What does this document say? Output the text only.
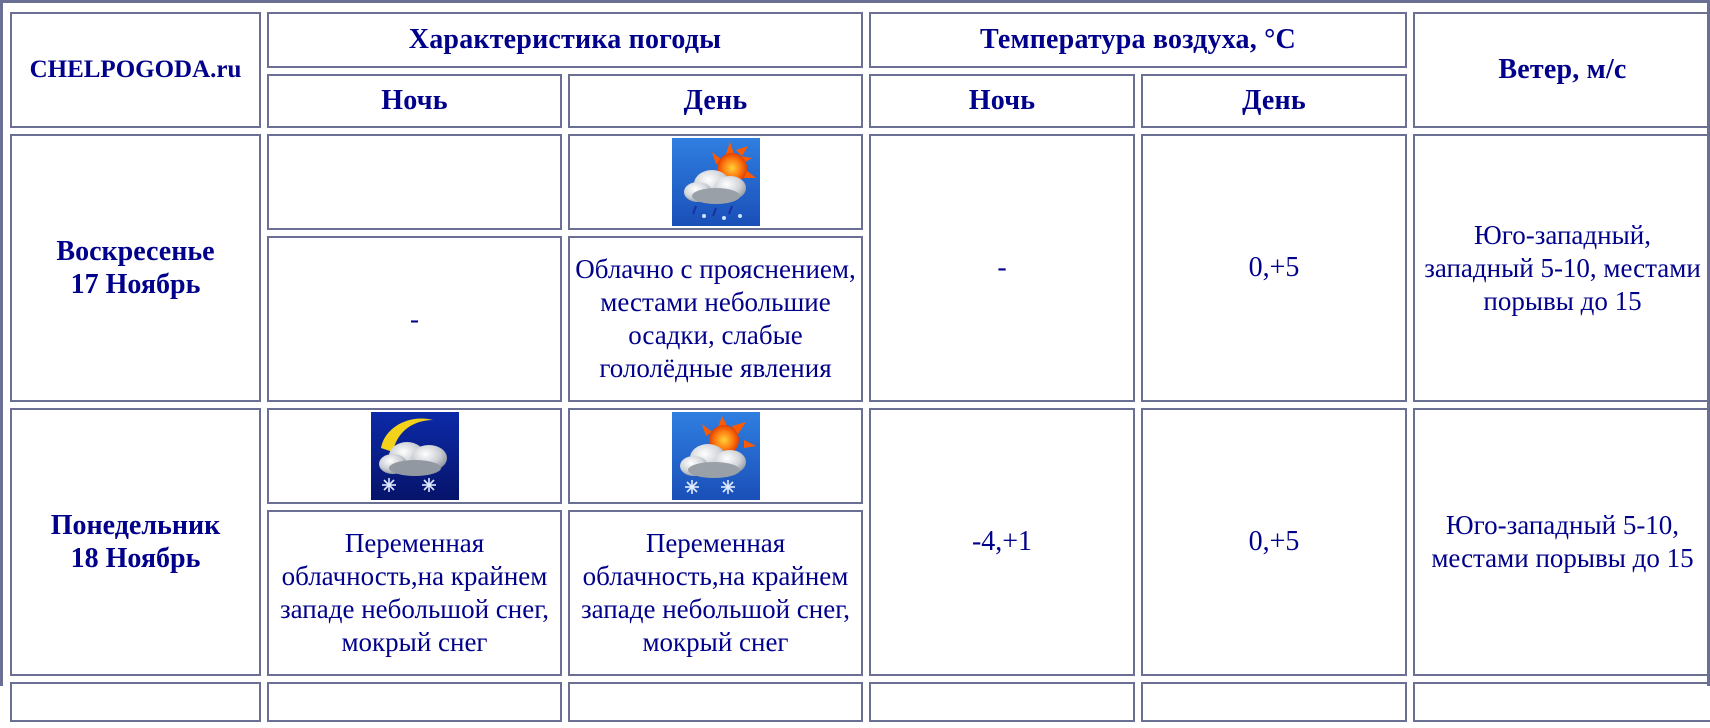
CHELPOGODA.ru	Характеристика погоды		Температура воздуха, °С		Ветер, м/с
	Ночь	День	Ночь	День	
Воскресенье
17 Ноябрь			-	0,+5	Юго-западный, западный 5-10, местами порывы до 15
	-	Облачно с прояснением, местами небольшие осадки, слабые гололёдные явления			
Понедельник
18 Ноябрь			-4,+1	0,+5	Юго-западный 5-10, местами порывы до 15
	Переменная облачность,на крайнем западе небольшой снег, мокрый снег	Переменная облачность,на крайнем западе небольшой снег, мокрый снег			
